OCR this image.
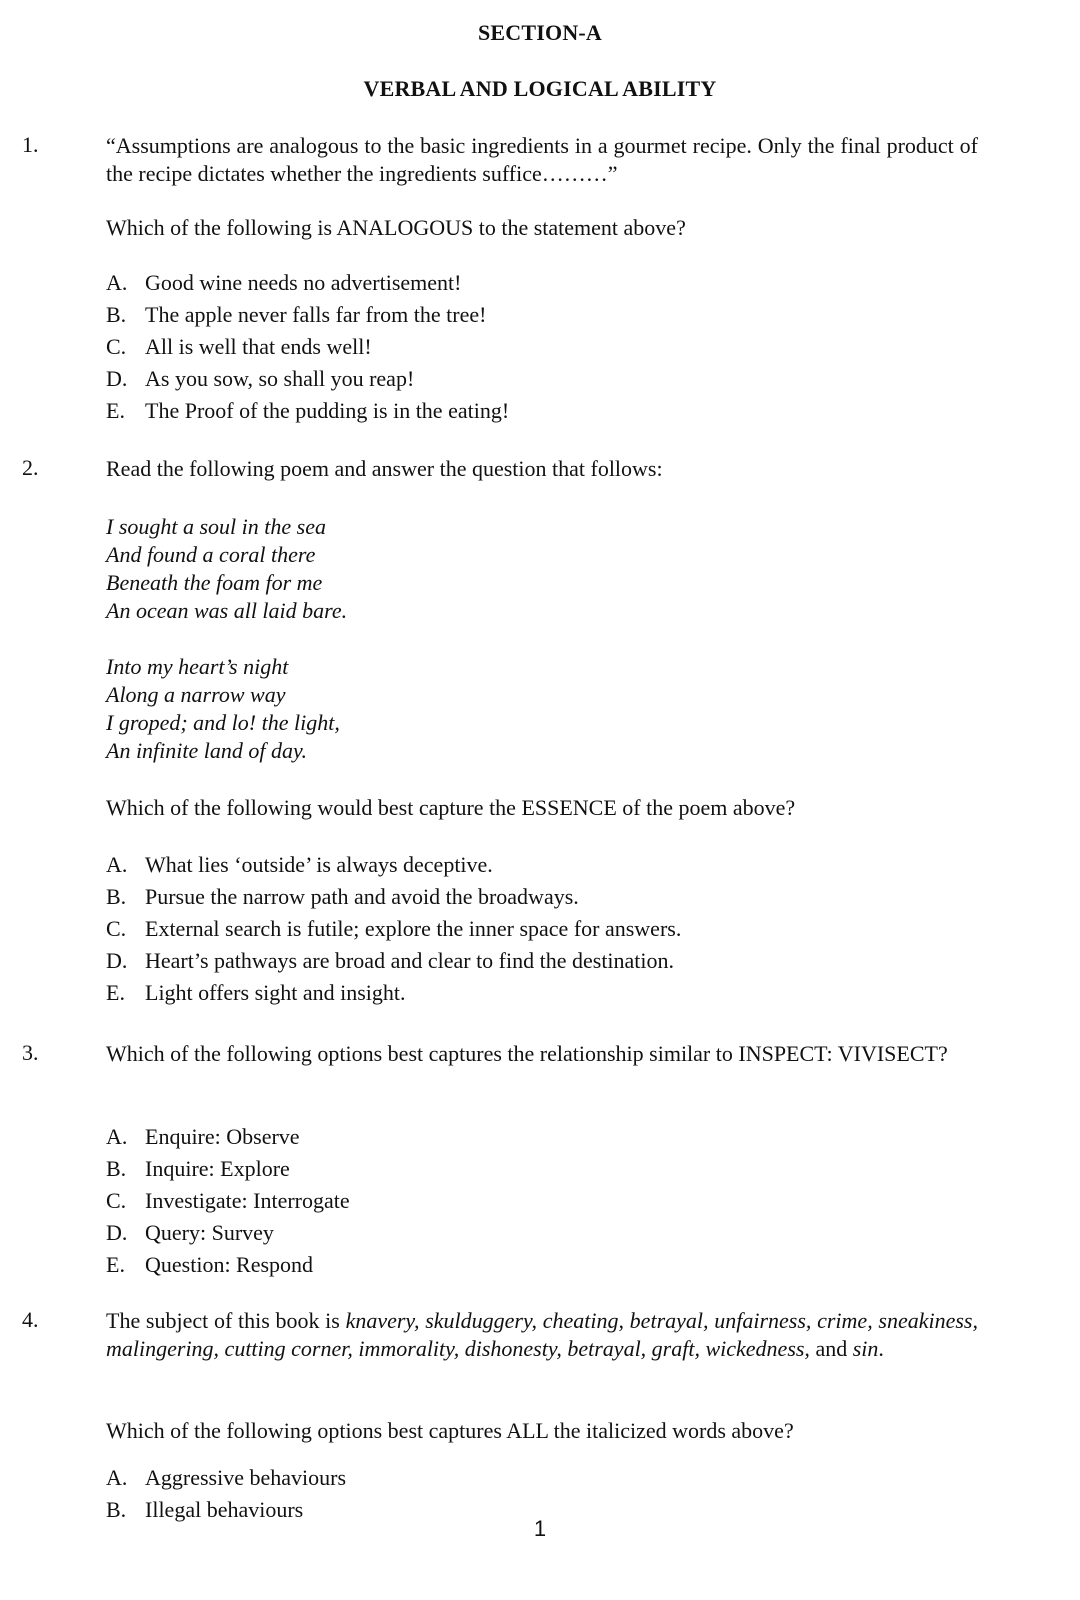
SECTION-A
VERBAL AND LOGICAL ABILITY
1.	“Assumptions are analogous to the basic ingredients in a gourmet recipe. Only the final product of the recipe dictates whether the ingredients suffice………”
Which of the following is ANALOGOUS to the statement above?
A. Good wine needs no advertisement!
B. The apple never falls far from the tree!
C. All is well that ends well!
D. As you sow, so shall you reap!
E. The Proof of the pudding is in the eating!
2.	Read the following poem and answer the question that follows:
I sought a soul in the sea
And found a coral there
Beneath the foam for me
An ocean was all laid bare.
Into my heart’s night
Along a narrow way
I groped; and lo! the light,
An infinite land of day.
Which of the following would best capture the ESSENCE of the poem above?
A. What lies ‘outside’ is always deceptive.
B. Pursue the narrow path and avoid the broadways.
C. External search is futile; explore the inner space for answers.
D. Heart’s pathways are broad and clear to find the destination.
E. Light offers sight and insight.
3.	Which of the following options best captures the relationship similar to INSPECT: VIVISECT?
A. Enquire: Observe
B. Inquire: Explore
C. Investigate: Interrogate
D. Query: Survey
E. Question: Respond
4.	The subject of this book is knavery, skulduggery, cheating, betrayal, unfairness, crime, sneakiness, malingering, cutting corner, immorality, dishonesty, betrayal, graft, wickedness, and sin.
Which of the following options best captures ALL the italicized words above?
A. Aggressive behaviours
B. Illegal behaviours
1
